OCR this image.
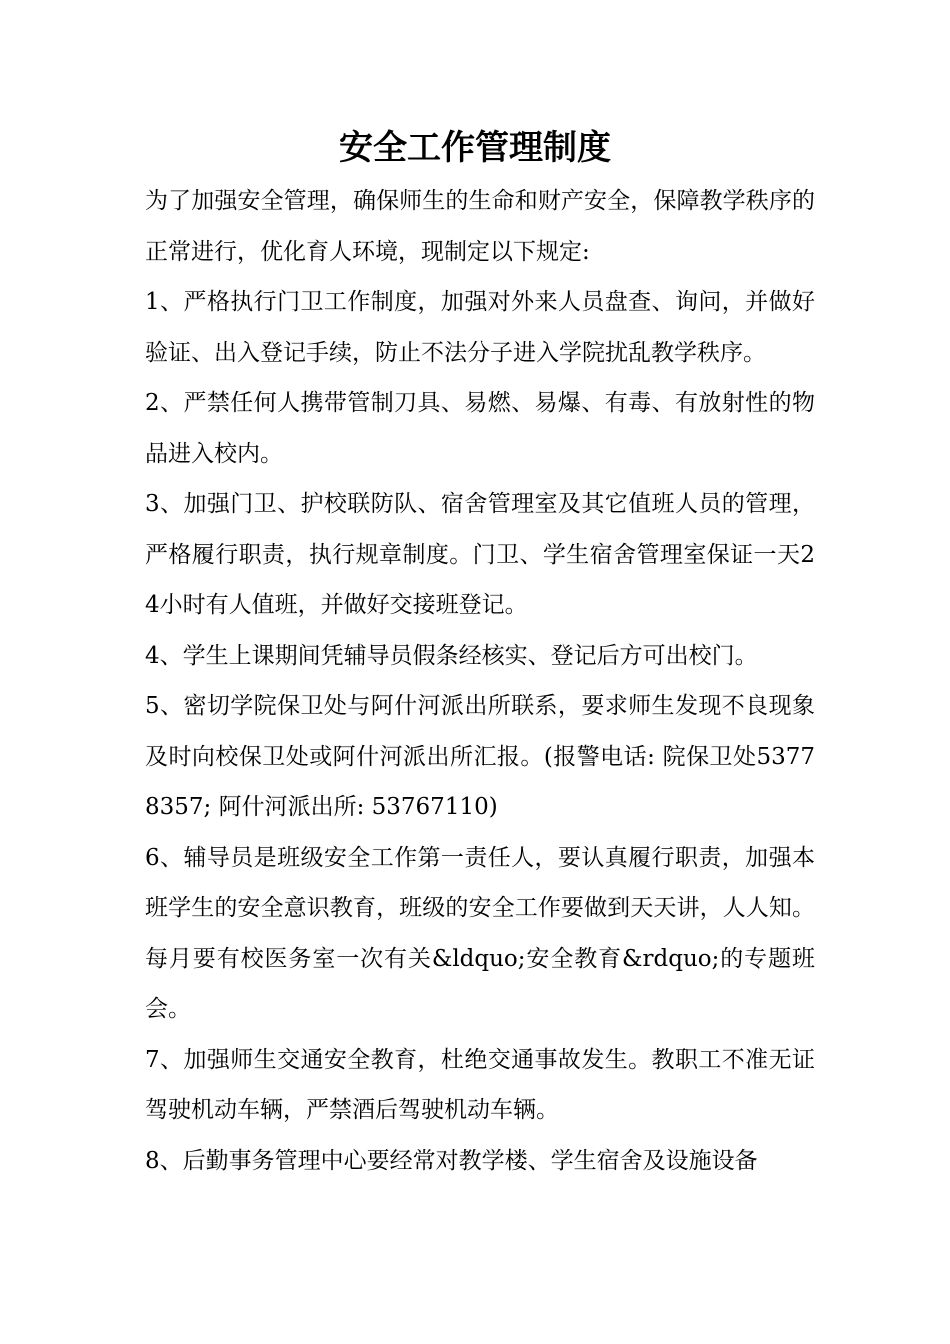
安全工作管理制度

为了加强安全管理，确保师生的生命和财产安全，保障教学秩序的正常进行，优化育人环境，现制定以下规定:

1、严格执行门卫工作制度，加强对外来人员盘查、询问，并做好验证、出入登记手续，防止不法分子进入学院扰乱教学秩序。

2、严禁任何人携带管制刀具、易燃、易爆、有毒、有放射性的物品进入校内。

3、加强门卫、护校联防队、宿舍管理室及其它值班人员的管理，严格履行职责，执行规章制度。门卫、学生宿舍管理室保证一天24小时有人值班，并做好交接班登记。

4、学生上课期间凭辅导员假条经核实、登记后方可出校门。

5、密切学院保卫处与阿什河派出所联系，要求师生发现不良现象及时向校保卫处或阿什河派出所汇报。(报警电话: 院保卫处53778357; 阿什河派出所: 53767110)

6、辅导员是班级安全工作第一责任人，要认真履行职责，加强本班学生的安全意识教育，班级的安全工作要做到天天讲，人人知。每月要有校医务室一次有关&ldquo;安全教育&rdquo;的专题班会。

7、加强师生交通安全教育，杜绝交通事故发生。教职工不准无证驾驶机动车辆，严禁酒后驾驶机动车辆。

8、后勤事务管理中心要经常对教学楼、学生宿舍及设施设备
